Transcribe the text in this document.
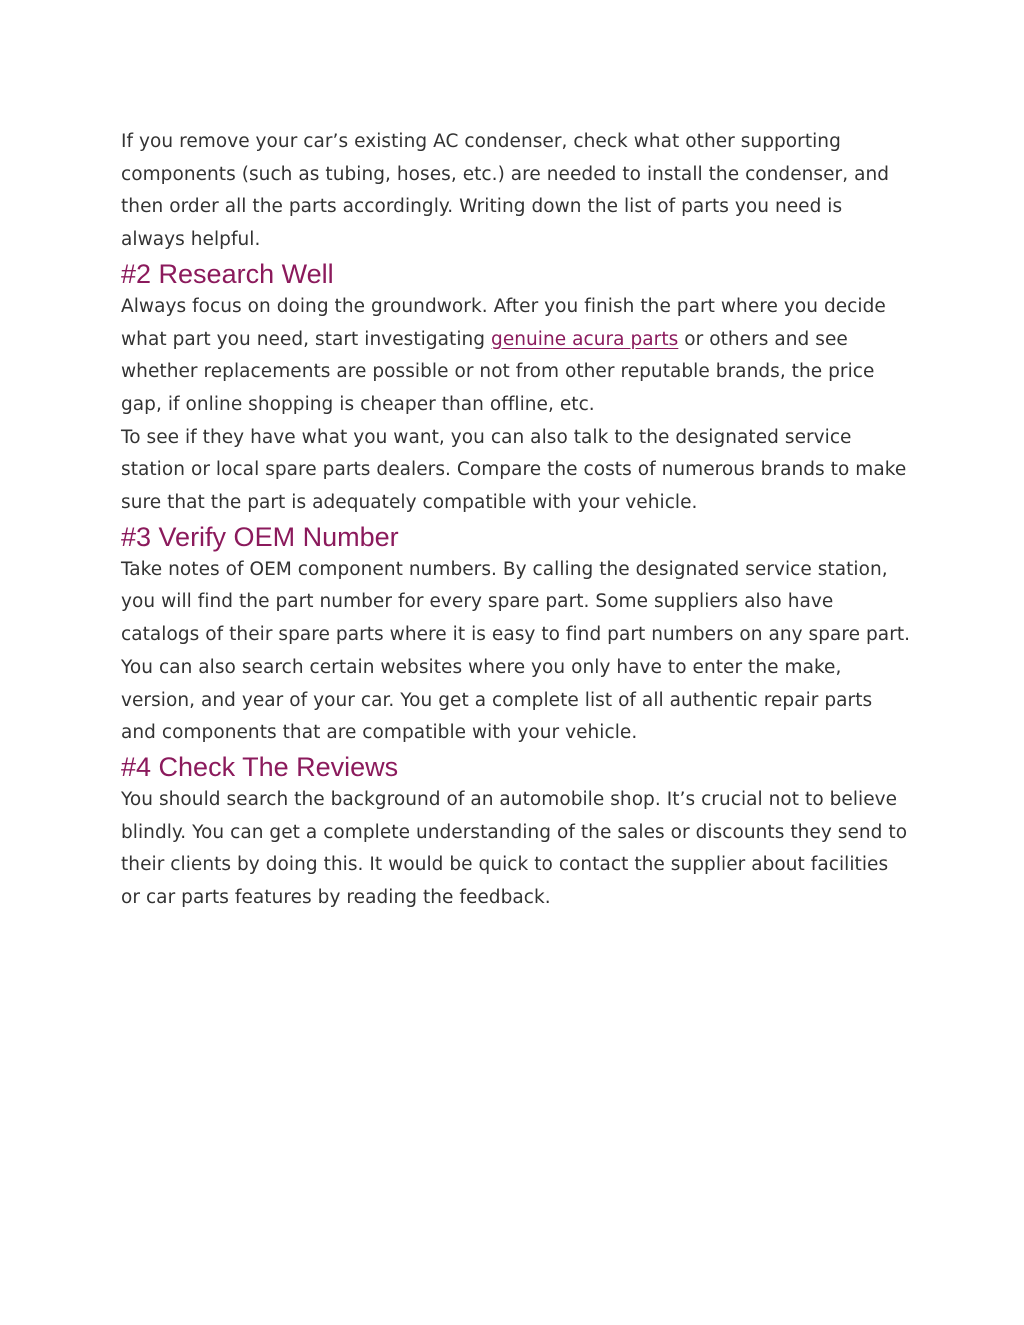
If you remove your car’s existing AC condenser, check what other supporting components (such as tubing, hoses, etc.) are needed to install the condenser, and then order all the parts accordingly. Writing down the list of parts you need is always helpful.

#2 Research Well

Always focus on doing the groundwork. After you finish the part where you decide what part you need, start investigating genuine acura parts or others and see whether replacements are possible or not from other reputable brands, the price gap, if online shopping is cheaper than offline, etc.

To see if they have what you want, you can also talk to the designated service station or local spare parts dealers. Compare the costs of numerous brands to make sure that the part is adequately compatible with your vehicle.

#3 Verify OEM Number

Take notes of OEM component numbers. By calling the designated service station, you will find the part number for every spare part. Some suppliers also have catalogs of their spare parts where it is easy to find part numbers on any spare part.

You can also search certain websites where you only have to enter the make, version, and year of your car. You get a complete list of all authentic repair parts and components that are compatible with your vehicle.

#4 Check The Reviews

You should search the background of an automobile shop. It’s crucial not to believe blindly. You can get a complete understanding of the sales or discounts they send to their clients by doing this. It would be quick to contact the supplier about facilities or car parts features by reading the feedback.
